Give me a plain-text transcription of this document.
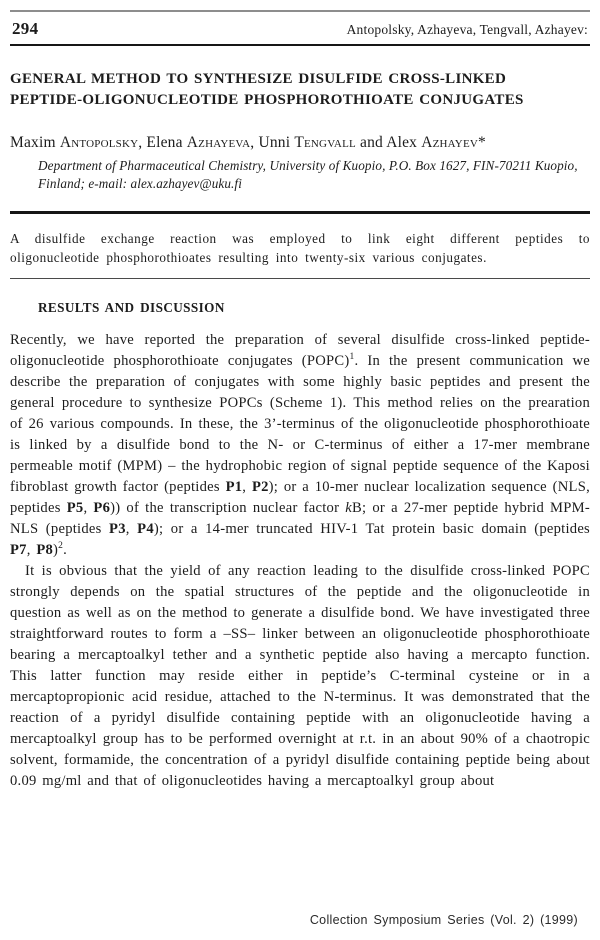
294	Antopolsky, Azhayeva, Tengvall, Azhayev:
GENERAL METHOD TO SYNTHESIZE DISULFIDE CROSS-LINKED
PEPTIDE-OLIGONUCLEOTIDE PHOSPHOROTHIOATE CONJUGATES
Maxim Antopolsky, Elena Azhayeva, Unni Tengvall and Alex Azhayev*
Department of Pharmaceutical Chemistry, University of Kuopio, P.O. Box 1627, FIN-70211 Kuopio, Finland; e-mail: alex.azhayev@uku.fi
A disulfide exchange reaction was employed to link eight different peptides to oligonucleotide phosphorothioates resulting into twenty-six various conjugates.
RESULTS AND DISCUSSION

Recently, we have reported the preparation of several disulfide cross-linked peptide-oligonucleotide phosphorothioate conjugates (POPC)$^1$. In the present communication we describe the preparation of conjugates with some highly basic peptides and present the general procedure to synthesize POPCs (Scheme 1). This method relies on the prearation of 26 various compounds. In these, the 3’-terminus of the oligonucleotide phosphorothioate is linked by a disulfide bond to the N- or C-terminus of either a 17-mer membrane permeable motif (MPM) – the hydrophobic region of signal peptide sequence of the Kaposi fibroblast growth factor (peptides P1, P2); or a 10-mer nuclear localization sequence (NLS, peptides P5, P6)) of the transcription nuclear factor kB; or a 27-mer peptide hybrid MPM-NLS (peptides P3, P4); or a 14-mer truncated HIV-1 Tat protein basic domain (peptides P7, P8)$^2$.

It is obvious that the yield of any reaction leading to the disulfide cross-linked POPC strongly depends on the spatial structures of the peptide and the oligonucleotide in question as well as on the method to generate a disulfide bond. We have investigated three straightforward routes to form a –SS– linker between an oligonucleotide phosphorothioate bearing a mercaptoalkyl tether and a synthetic peptide also having a mercapto function. This latter function may reside either in peptide’s C-terminal cysteine or in a mercaptopropionic acid residue, attached to the N-terminus. It was demonstrated that the reaction of a pyridyl disulfide containing peptide with an oligonucleotide having a mercaptoalkyl group has to be performed overnight at r.t. in an about 90% of a chaotropic solvent, formamide, the concentration of a pyridyl disulfide containing peptide being about 0.09 mg/ml and that of oligonucleotides having a mercaptoalkyl group about

Collection Symposium Series (Vol. 2) (1999)
